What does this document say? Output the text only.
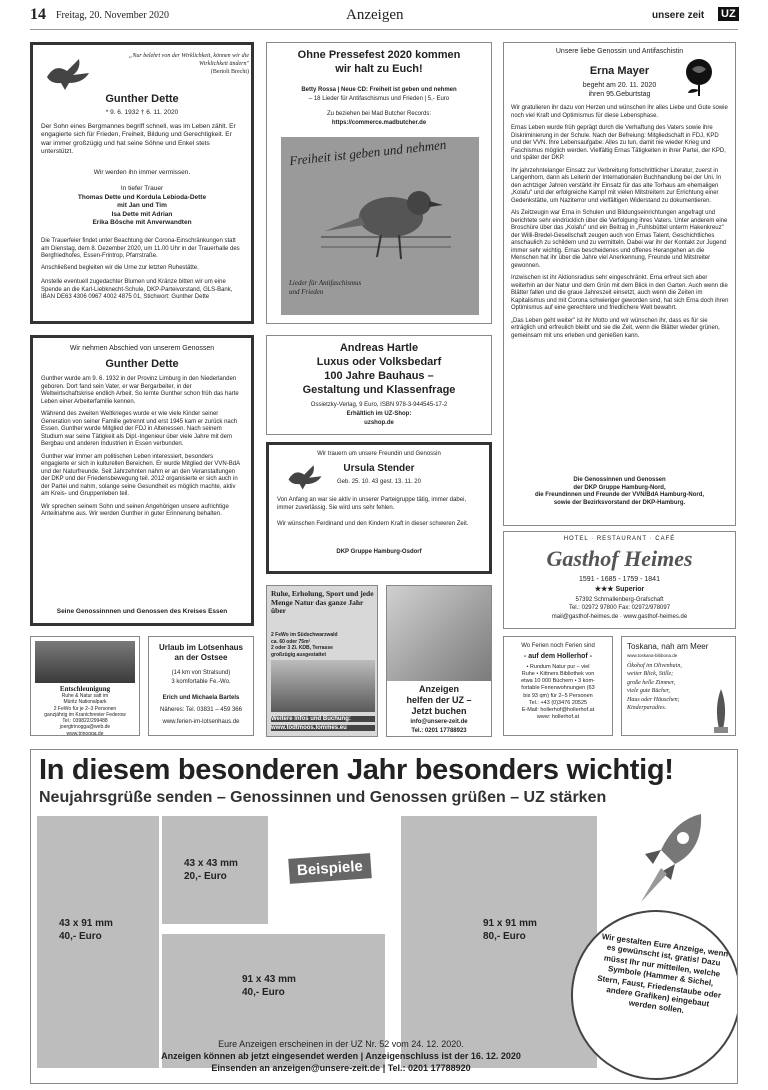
14 Freitag, 20. November 2020	Anzeigen	unsere zeit UZ
„Nur belehrt von der Wirklichkeit, können wir die Wirklichkeit ändern"
(Bertolt Brecht)
Gunther Dette
* 9. 6. 1932 † 6. 11. 2020
Der Sohn eines Bergmannes begriff schnell, was im Leben zählt. Er engagierte sich für Frieden, Freiheit, Bildung und Gerechtigkeit. Er war immer großzügig und hat seine Söhne und Enkel stets unterstützt.
Wir werden ihn immer vermissen.
In tiefer Trauer
Thomas Dette und Kordula Lebioda-Dette
mit Jan und Tim
Isa Dette mit Adrian
Erika Bösche mit Anverwandten
Die Trauerfeier findet unter Beachtung der Corona-Einschränkungen statt am Dienstag, dem 8. Dezember 2020, um 11.00 Uhr in der Trauerhalle des Bergfriedhofes, Essen-Frintrop, Pfarrstraße.
Anschließend begleiten wir die Urne zur letzten Ruhestätte.
Anstelle eventuell zugedachter Blumen und Kränze bitten wir um eine Spende an die Karl-Liebknecht-Schule, DKP-Parteivorstand, GLS-Bank, IBAN DE63 4306 0967 4002 4875 01, Stichwort: Gunther Dette
Ohne Pressefest 2020 kommen wir halt zu Euch!
Betty Rossa | Neue CD: Freiheit ist geben und nehmen
– 18 Lieder für Antifaschismus und Frieden | 5,- Euro
Zu beziehen bei Mad Butcher Records:
https://commerce.madbutcher.de
Freiheit ist geben und nehmen
Lieder für Antifaschismus und Frieden
Unsere liebe Genossin und Antifaschistin
Erna Mayer
begeht am 20. 11. 2020
ihren 95.Geburtstag

Wir gratulieren ihr dazu von Herzen und wünschen ihr alles Liebe und Gute sowie noch viel Kraft und Optimismus für diese Lebensphase.

Ernas Leben wurde früh geprägt durch die Verhaftung des Vaters sowie ihre Diskriminierung in der Schule. Nach der Befreiung: Mitgliedschaft in FDJ, KPD und der VVN. Ihre Lebensaufgabe: Alles zu tun, damit nie wieder Krieg und Faschismus möglich werden. Vielfältig Ernas Tätigkeiten in ihrer Partei, der KPD, und später der DKP.

Ihr jahrzehntelanger Einsatz zur Verbreitung fortschrittlicher Literatur, zuerst in Langenhorn, dann als Leiterin der Internationalen Buchhandlung bei der Uni. In den achtziger Jahren verstärkt ihr Einsatz für das alte Torhaus am ehemaligen „Kolafu" und der erfolgreiche Kampf mit vielen Mitstreitern zur Errichtung einer Gedenkstätte, um Naziterror und vielfältigen Widerstand zu dokumentieren.

Als Zeitzeugin war Erna in Schulen und Bildungseinrichtungen angefragt und berichtete sehr eindrücklich über die Verfolgung ihres Vaters. Unter anderem eine Broschüre über das „Kolafu" und ein Beitrag in „Fuhlsbüttel unterm Hakenkreuz" der Willi-Bredel-Gesellschaft zeugen auch von Ernas Talent, Geschichtliches anschaulich zu schildern und zu vermitteln. Dabei war ihr der Kontakt zur Jugend immer sehr wichtig. Ernas bescheidenes und offenes Herangehen an die Menschen hat ihr über die Jahre viel Anerkennung, Freunde und Mitstreiter gewonnen.

Inzwischen ist ihr Aktionsradius sehr eingeschränkt. Erna erfreut sich aber weiterhin an der Natur und dem Grün mit dem Blick in den Garten. Auch wenn die Blätter fallen und die graue Jahreszeit einsetzt, auch wenn die Zeiten im Kapitalismus und mit Corona schwieriger geworden sind, hat sich Erna doch ihren Optimismus auf eine gerechtere und friedlichere Welt bewahrt.

„Das Leben geht weiter" ist ihr Motto und wir wünschen ihr, dass es für sie erträglich und erfreulich bleibt und sie die Zeit, wenn die Blätter wieder grünen, gemeinsam mit uns erleben und genießen kann.

Die Genossinnen und Genossen
der DKP Gruppe Hamburg-Nord,
die Freundinnen und Freunde der VVN/BdA Hamburg-Nord,
sowie der Bezirksvorstand der DKP-Hamburg.
Wir nehmen Abschied von unserem Genossen
Gunther Dette

Gunther wurde am 9. 6. 1932 in der Provinz Limburg in den Niederlanden geboren. Dort fand sein Vater, er war Bergarbeiter, in der Weltwirtschaftskrise endlich Arbeit. So lernte Gunther schon früh das harte Leben einer Arbeiterfamilie kennen.

Während des zweiten Weltkrieges wurde er wie viele Kinder seiner Generation von seiner Familie getrennt und erst 1945 kam er zurück nach Essen. Gunther wurde Mitglied der FDJ in Altenessen. Nach seinem Studium war seine Tätigkeit als Dipl.-Ingenieur über viele Jahre mit dem Bergbau und anderen Industrien in Essen verbunden.

Gunther war immer am politischen Leben interessiert, besonders engagierte er sich in kulturellen Bereichen. Er wurde Mitglied der VVN-BdA und der Naturfreunde. Seit Jahrzehnten nahm er an den Veranstaltungen der DKP und der Friedensbewegung teil. 2012 organisierte er sich auch in der Partei und nahm, solange seine Gesundheit es möglich machte, aktiv am Kreis- und Gruppenleben teil.

Wir sprechen seinem Sohn und seinen Angehörigen unsere aufrichtige Anteilnahme aus. Wir werden Gunther in guter Erinnerung behalten.

Seine Genossinnnen und Genossen des Kreises Essen
Andreas Hartle
Luxus oder Volksbedarf
100 Jahre Bauhaus –
Gestaltung und Klassenfrage
Ossietzky-Verlag, 9 Euro, ISBN 978-3-944545-17-2
Erhältlich im UZ-Shop:
uzshop.de
Wir trauern um unsere Freundin und Genossin
Ursula Stender
Geb. 25. 10. 43 gest. 13. 11. 20
Von Anfang an war sie aktiv in unserer Parteigruppe tätig, immer dabei, immer zuverlässig. Sie wird uns sehr fehlen.
Wir wünschen Ferdinand und den Kindern Kraft in dieser schweren Zeit.
DKP Gruppe Hamburg-Osdorf
HOTEL · RESTAURANT · CAFÉ
Gasthof Heimes
1591 - 1685 - 1759 - 1841
★★★ Superior
57392 Schmallenberg-Grafschaft
Tel.: 02972 97800 Fax: 02972/978097
mail@gasthof-heimes.de · www.gasthof-heimes.de
Entschleunigung
Ruhe & Natur satt im
Müritz Nationalpark
2 FeWo für je 2–3 Personen
ganzjährig im Kranichrevier Federow
Tel.: 039822/299488
joergtrinogga@web.de
www.trinogga.de
Urlaub im Lotsenhaus
an der Ostsee
(14 km von Stralsund)
3 komfortable Fe.-Wo.
Erich und Michaela Bartels
Näheres: Tel. 03831 – 459 366
www.ferien-im-lotsenhaus.de
Ruhe, Erholung, Sport und jede Menge Natur das ganze Jahr über
2 FeWo im Südschwarzwald
ca. 60 oder 75m²
2 oder 3 Zi. KDB, Terrasse
großzügig ausgestattet
Weitere Infos und Buchung:
www.todtmoos.lommes.eu
Anzeigen
helfen der UZ –
Jetzt buchen
info@unsere-zeit.de
Tel.: 0201 17788923
Wo Ferien noch Ferien sind
- auf dem Hollerhof -
• Rundum Natur pur – viel
Ruhe • Kittners Bibliothek von
etwa 10 000 Büchern • 3 kom-
fortable Ferienwohnungen (63
bis 93 qm) für 2–5 Personen
Tel.: +43 (0)3476 20525
E-Mail: hollerhof@hollerhof.at
www: hollerhof.at
Toskana, nah am Meer
www.toskana-bibbona.de
Ökohof im Olivenhain,
weiter Blick, Stille;
große helle Zimmer,
viele gute Bücher,
Haus oder Häuschen;
Kinderparadies.
In diesem besonderen Jahr besonders wichtig!
Neujahrsgrüße senden – Genossinnen und Genossen grüßen – UZ stärken
43 x 91 mm
40,- Euro
43 x 43 mm
20,- Euro	Beispiele
91 x 43 mm
40,- Euro
91 x 91 mm
80,- Euro	Wir gestalten Eure Anzeige, wenn es gewünscht ist, gratis! Dazu müsst Ihr nur mitteilen, welche Symbole (Hammer & Sichel, Stern, Faust, Friedenstaube oder andere Grafiken) eingebaut werden sollen.
Eure Anzeigen erscheinen in der UZ Nr. 52 vom 24. 12. 2020.
Anzeigen können ab jetzt eingesendet werden | Anzeigenschluss ist der 16. 12. 2020
Einsenden an anzeigen@unsere-zeit.de | Tel.: 0201 17788920
